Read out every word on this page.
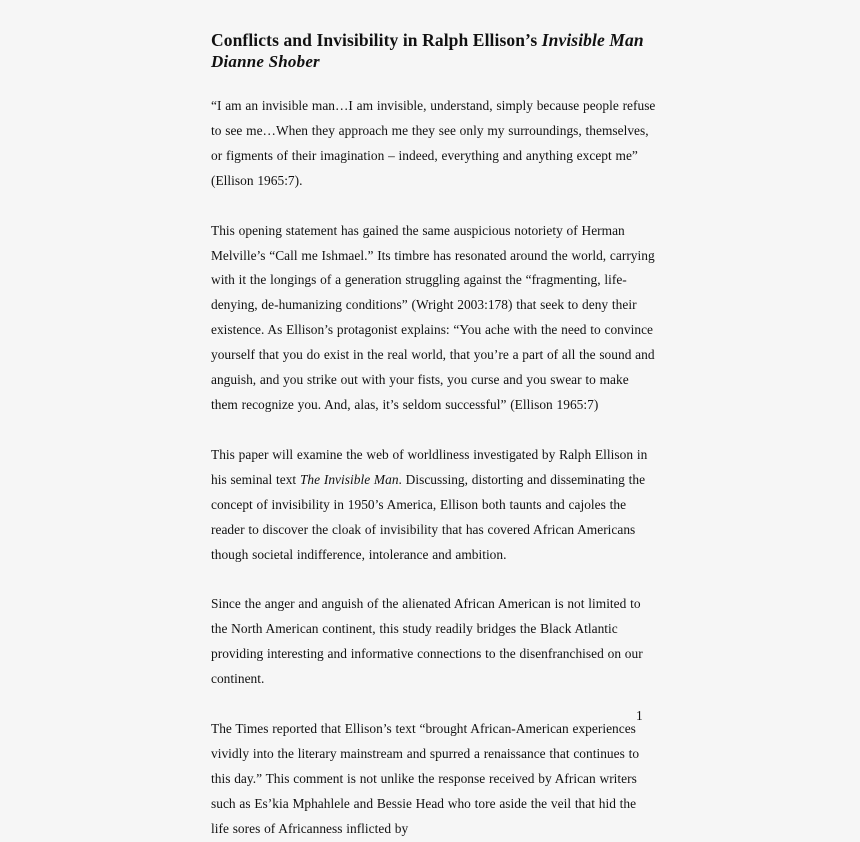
Conflicts and Invisibility in Ralph Ellison’s Invisible Man
Dianne Shober

“I am an invisible man…I am invisible, understand, simply because people refuse to see me…When they approach me they see only my surroundings, themselves, or figments of their imagination – indeed, everything and anything except me” (Ellison 1965:7).

This opening statement has gained the same auspicious notoriety of Herman Melville’s “Call me Ishmael.” Its timbre has resonated around the world, carrying with it the longings of a generation struggling against the “fragmenting, life-denying, de-humanizing conditions” (Wright 2003:178) that seek to deny their existence. As Ellison’s protagonist explains: “You ache with the need to convince yourself that you do exist in the real world, that you’re a part of all the sound and anguish, and you strike out with your fists, you curse and you swear to make them recognize you. And, alas, it’s seldom successful” (Ellison 1965:7)

This paper will examine the web of worldliness investigated by Ralph Ellison in his seminal text The Invisible Man. Discussing, distorting and disseminating the concept of invisibility in 1950’s America, Ellison both taunts and cajoles the reader to discover the cloak of invisibility that has covered African Americans though societal indifference, intolerance and ambition.

Since the anger and anguish of the alienated African American is not limited to the North American continent, this study readily bridges the Black Atlantic providing interesting and informative connections to the disenfranchised on our continent.

The Times reported that Ellison’s text “brought African-American experiences vividly into the literary mainstream and spurred a renaissance that continues to this day.” This comment is not unlike the response received by African writers such as Es’kia Mphahlele and Bessie Head who tore aside the veil that hid the life sores of Africanness inflicted by

1
